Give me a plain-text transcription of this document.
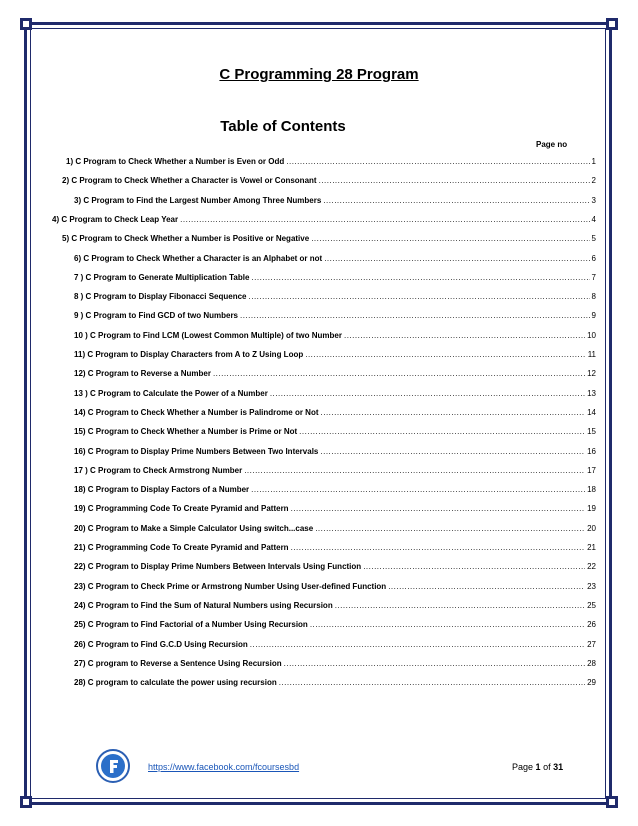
C Programming 28 Program
Table of Contents
Page no
1) C Program to Check Whether a Number is Even or Odd .....	1
2) C Program to Check Whether a Character is Vowel or Consonant .....	2
3) C Program to Find the Largest Number Among Three Numbers .....	3
4) C Program to Check Leap Year .....	4
5) C Program to Check Whether a Number is Positive or Negative .....	5
6) C Program to Check Whether a Character is an Alphabet or not .....	6
7 ) C Program to Generate Multiplication Table .....	7
8 ) C Program to Display Fibonacci Sequence .....	8
9 ) C Program to Find GCD of two Numbers .....	9
10 ) C Program to Find LCM (Lowest Common Multiple) of two Number .....	10
11) C Program to Display Characters from A to Z Using Loop .....	11
12) C Program to Reverse a Number .....	12
13 ) C Program to Calculate the Power of a Number .....	13
14) C Program to Check Whether a Number is Palindrome or Not .....	14
15) C Program to Check Whether a Number is Prime or Not .....	15
16) C Program to Display Prime Numbers Between Two Intervals .....	16
17 ) C Program to Check Armstrong Number .....	17
18) C Program to Display Factors of a Number .....	18
19) C Programming Code To Create Pyramid and Pattern .....	19
20) C Program to Make a Simple Calculator Using switch...case .....	20
21) C Programming Code To Create Pyramid and Pattern .....	21
22) C Program to Display Prime Numbers Between Intervals Using Function .....	22
23) C Program to Check Prime or Armstrong Number Using User-defined Function .....	23
24) C Program to Find the Sum of Natural Numbers using Recursion .....	25
25) C Program to Find Factorial of a Number Using Recursion .....	26
26) C Program to Find G.C.D Using Recursion .....	27
27) C program to Reverse a Sentence Using Recursion .....	28
28) C program to calculate the power using recursion .....	29
https://www.facebook.com/fcoursesbd	Page 1 of 31
